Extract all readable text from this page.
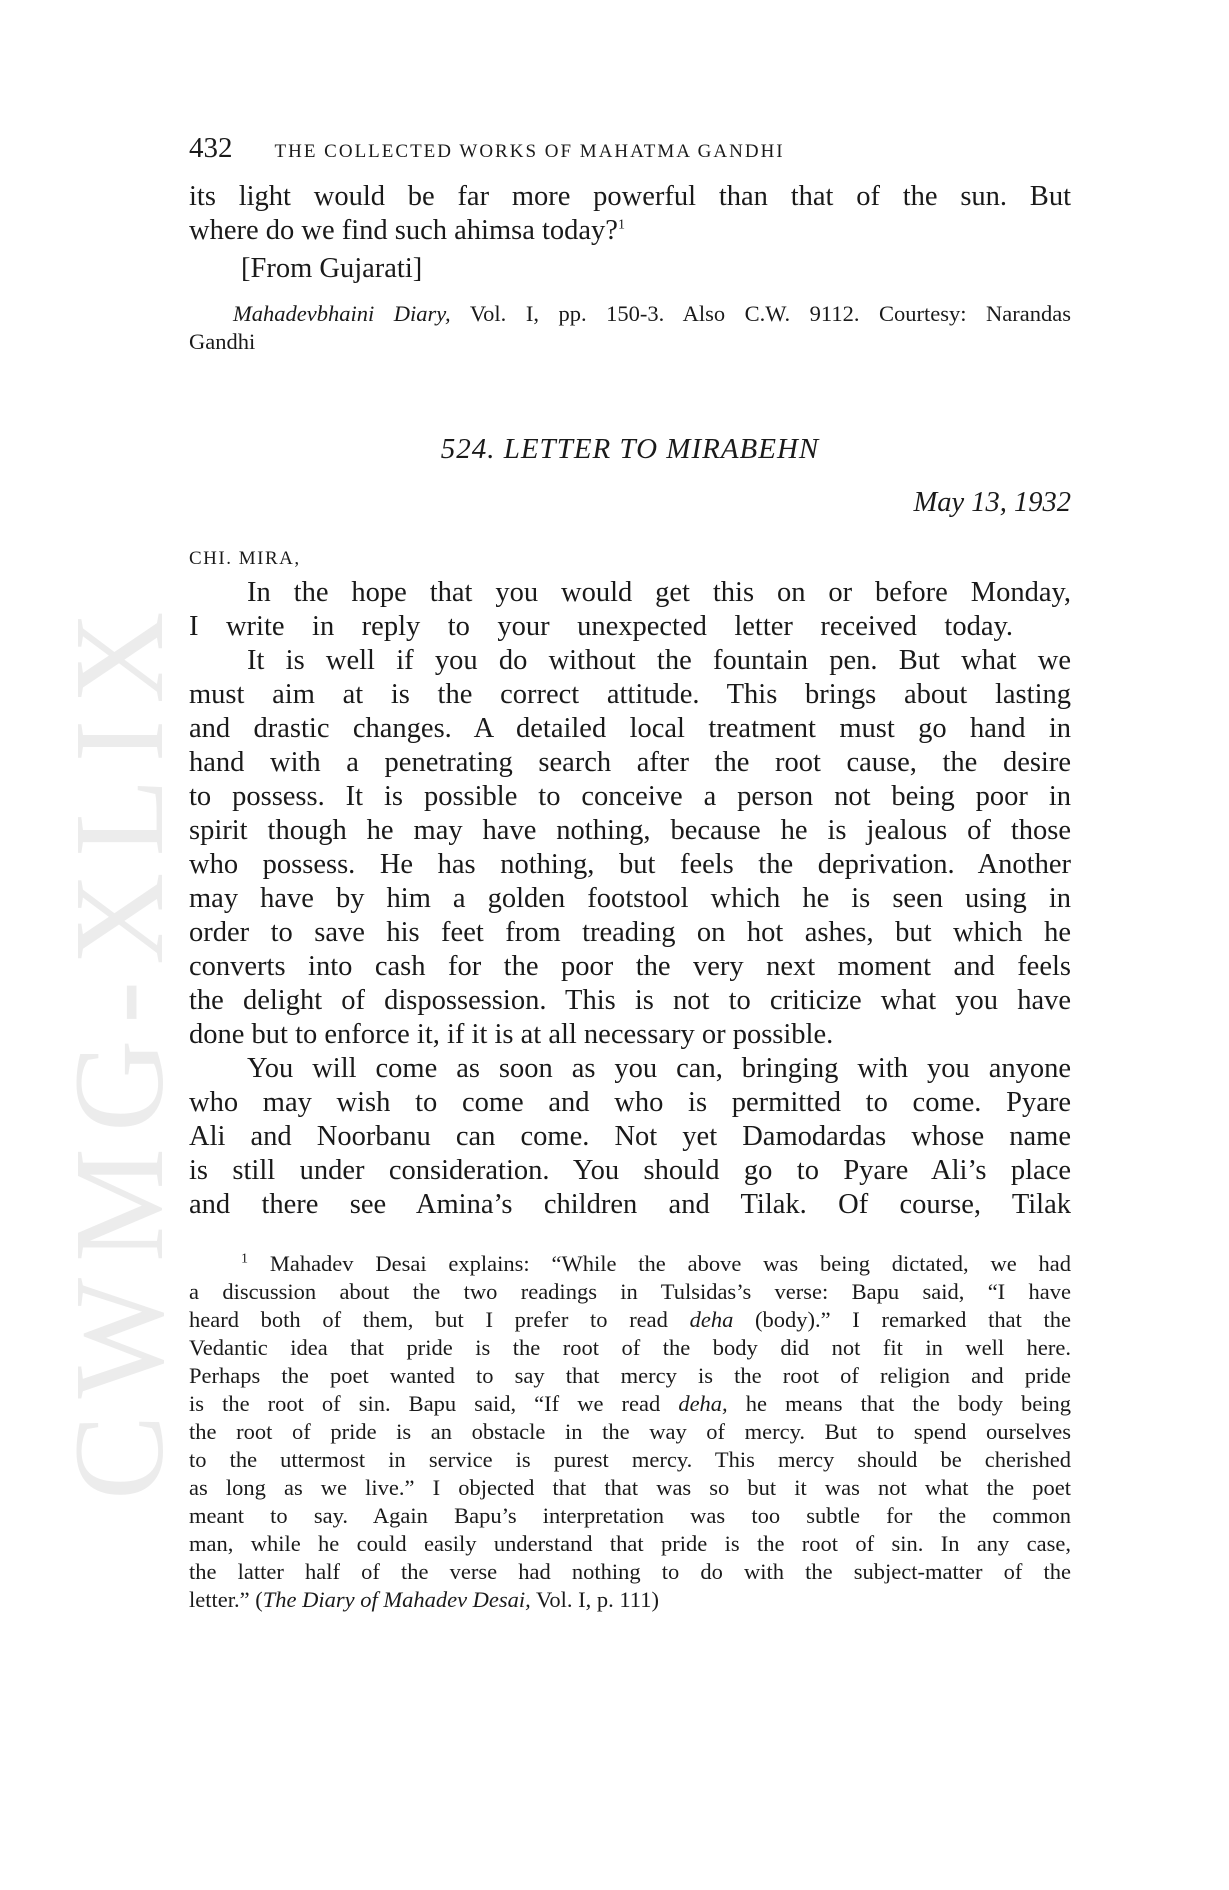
CWMG-XLIX
432 THE COLLECTED WORKS OF MAHATMA GANDHI
its light would be far more powerful than that of the sun. But
where do we find such ahimsa today?$^1$
[From Gujarati]
Mahadevbhaini Diary, Vol. I, pp. 150-3. Also C.W. 9112. Courtesy: Narandas
Gandhi
524. LETTER TO MIRABEHN
May 13, 1932
CHI. MIRA,
In the hope that you would get this on or before Monday,
I write in reply to your unexpected letter received today.
It is well if you do without the fountain pen. But what we
must aim at is the correct attitude. This brings about lasting
and drastic changes. A detailed local treatment must go hand in
hand with a penetrating search after the root cause, the desire
to possess. It is possible to conceive a person not being poor in
spirit though he may have nothing, because he is jealous of those
who possess. He has nothing, but feels the deprivation. Another
may have by him a golden footstool which he is seen using in
order to save his feet from treading on hot ashes, but which he
converts into cash for the poor the very next moment and feels
the delight of dispossession. This is not to criticize what you have
done but to enforce it, if it is at all necessary or possible.
You will come as soon as you can, bringing with you anyone
who may wish to come and who is permitted to come. Pyare
Ali and Noorbanu can come. Not yet Damodardas whose name
is still under consideration. You should go to Pyare Ali’s place
and there see Amina’s children and Tilak. Of course, Tilak
$^1$ Mahadev Desai explains: “While the above was being dictated, we had
a discussion about the two readings in Tulsidas’s verse: Bapu said, “I have
heard both of them, but I prefer to read deha (body).” I remarked that the
Vedantic idea that pride is the root of the body did not fit in well here.
Perhaps the poet wanted to say that mercy is the root of religion and pride
is the root of sin. Bapu said, “If we read deha, he means that the body being
the root of pride is an obstacle in the way of mercy. But to spend ourselves
to the uttermost in service is purest mercy. This mercy should be cherished
as long as we live.” I objected that that was so but it was not what the poet
meant to say. Again Bapu’s interpretation was too subtle for the common
man, while he could easily understand that pride is the root of sin. In any case,
the latter half of the verse had nothing to do with the subject-matter of the
letter.” (The Diary of Mahadev Desai, Vol. I, p. 111)
